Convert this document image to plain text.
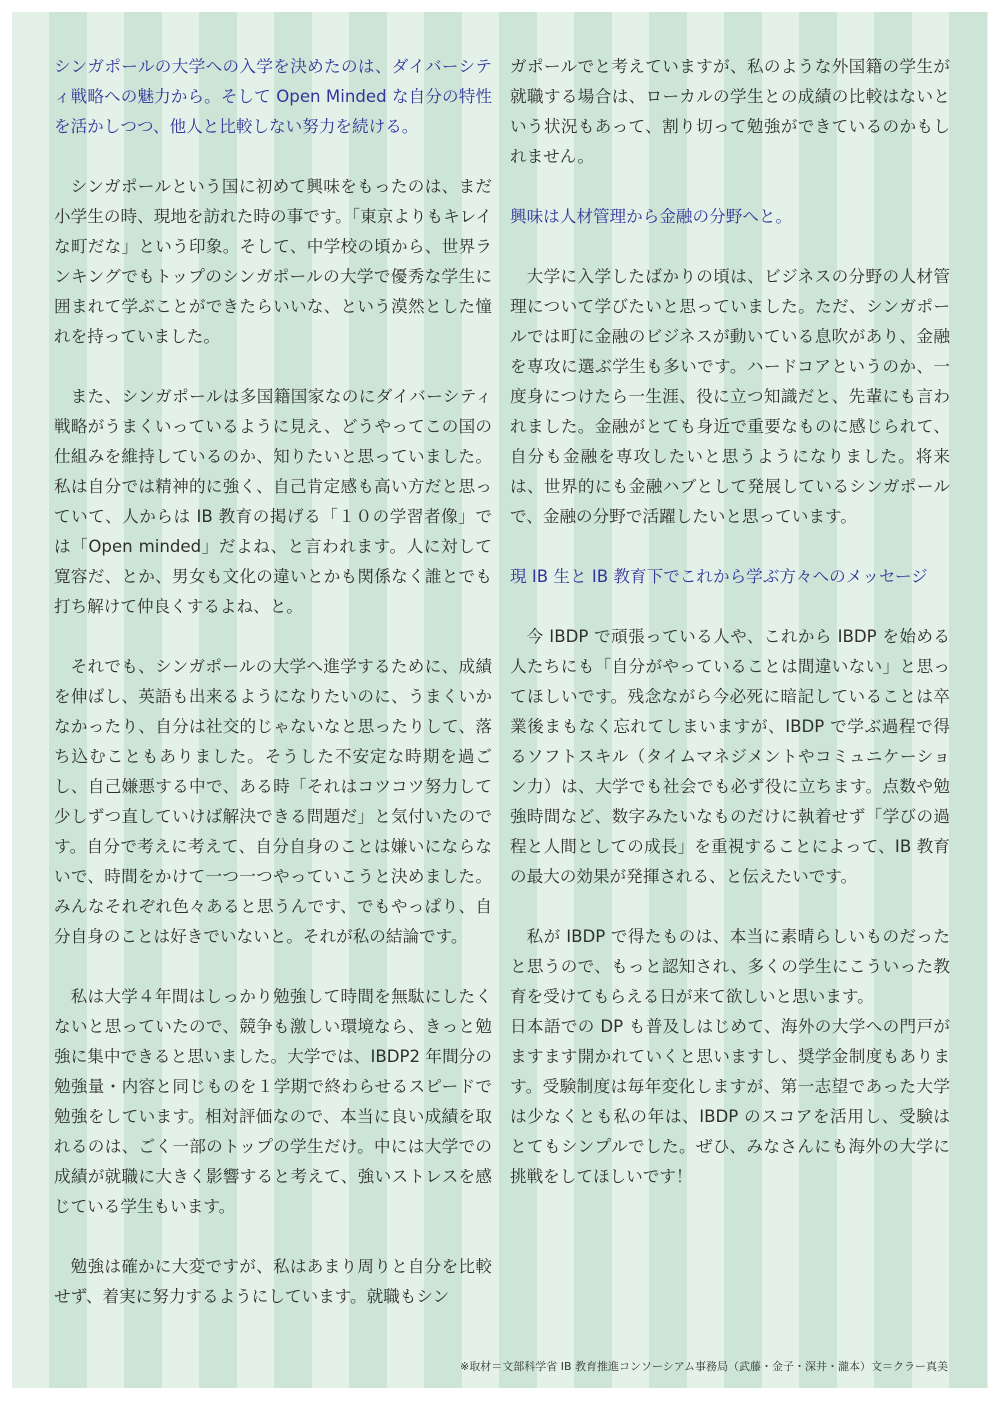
シンガポールの大学への入学を決めたのは、ダイバーシティ戦略への魅力から。そして Open Minded な自分の特性を活かしつつ、他人と比較しない努力を続ける。

シンガポールという国に初めて興味をもったのは、まだ小学生の時、現地を訪れた時の事です。「東京よりもキレイな町だな」という印象。そして、中学校の頃から、世界ランキングでもトップのシンガポールの大学で優秀な学生に囲まれて学ぶことができたらいいな、という漠然とした憧れを持っていました。

また、シンガポールは多国籍国家なのにダイバーシティ戦略がうまくいっているように見え、どうやってこの国の仕組みを維持しているのか、知りたいと思っていました。私は自分では精神的に強く、自己肯定感も高い方だと思っていて、人からは IB 教育の掲げる「１０の学習者像」では「Open minded」だよね、と言われます。人に対して寛容だ、とか、男女も文化の違いとかも関係なく誰とでも打ち解けて仲良くするよね、と。

それでも、シンガポールの大学へ進学するために、成績を伸ばし、英語も出来るようになりたいのに、うまくいかなかったり、自分は社交的じゃないなと思ったりして、落ち込むこともありました。そうした不安定な時期を過ごし、自己嫌悪する中で、ある時「それはコツコツ努力して少しずつ直していけば解決できる問題だ」と気付いたのです。自分で考えに考えて、自分自身のことは嫌いにならないで、時間をかけて一つ一つやっていこうと決めました。みんなそれぞれ色々あると思うんです、でもやっぱり、自分自身のことは好きでいないと。それが私の結論です。

私は大学４年間はしっかり勉強して時間を無駄にしたくないと思っていたので、競争も激しい環境なら、きっと勉強に集中できると思いました。大学では、IBDP2 年間分の勉強量・内容と同じものを１学期で終わらせるスピードで勉強をしています。相対評価なので、本当に良い成績を取れるのは、ごく一部のトップの学生だけ。中には大学での成績が就職に大きく影響すると考えて、強いストレスを感じている学生もいます。

勉強は確かに大変ですが、私はあまり周りと自分を比較せず、着実に努力するようにしています。就職もシン

ガポールでと考えていますが、私のような外国籍の学生が就職する場合は、ローカルの学生との成績の比較はないという状況もあって、割り切って勉強ができているのかもしれません。

興味は人材管理から金融の分野へと。

大学に入学したばかりの頃は、ビジネスの分野の人材管理について学びたいと思っていました。ただ、シンガポールでは町に金融のビジネスが動いている息吹があり、金融を専攻に選ぶ学生も多いです。ハードコアというのか、一度身につけたら一生涯、役に立つ知識だと、先輩にも言われました。金融がとても身近で重要なものに感じられて、自分も金融を専攻したいと思うようになりました。将来は、世界的にも金融ハブとして発展しているシンガポールで、金融の分野で活躍したいと思っています。

現 IB 生と IB 教育下でこれから学ぶ方々へのメッセージ

今 IBDP で頑張っている人や、これから IBDP を始める人たちにも「自分がやっていることは間違いない」と思ってほしいです。残念ながら今必死に暗記していることは卒業後まもなく忘れてしまいますが、IBDP で学ぶ過程で得るソフトスキル（タイムマネジメントやコミュニケーション力）は、大学でも社会でも必ず役に立ちます。点数や勉強時間など、数字みたいなものだけに執着せず「学びの過程と人間としての成長」を重視することによって、IB 教育の最大の効果が発揮される、と伝えたいです。

私が IBDP で得たものは、本当に素晴らしいものだったと思うので、もっと認知され、多くの学生にこういった教育を受けてもらえる日が来て欲しいと思います。

日本語での DP も普及しはじめて、海外の大学への門戸がますます開かれていくと思いますし、奨学金制度もあります。受験制度は毎年変化しますが、第一志望であった大学は少なくとも私の年は、IBDP のスコアを活用し、受験はとてもシンプルでした。ぜひ、みなさんにも海外の大学に挑戦をしてほしいです！

※取材＝文部科学省 IB 教育推進コンソーシアム事務局（武藤・金子・深井・瀧本）文＝クラー真美
